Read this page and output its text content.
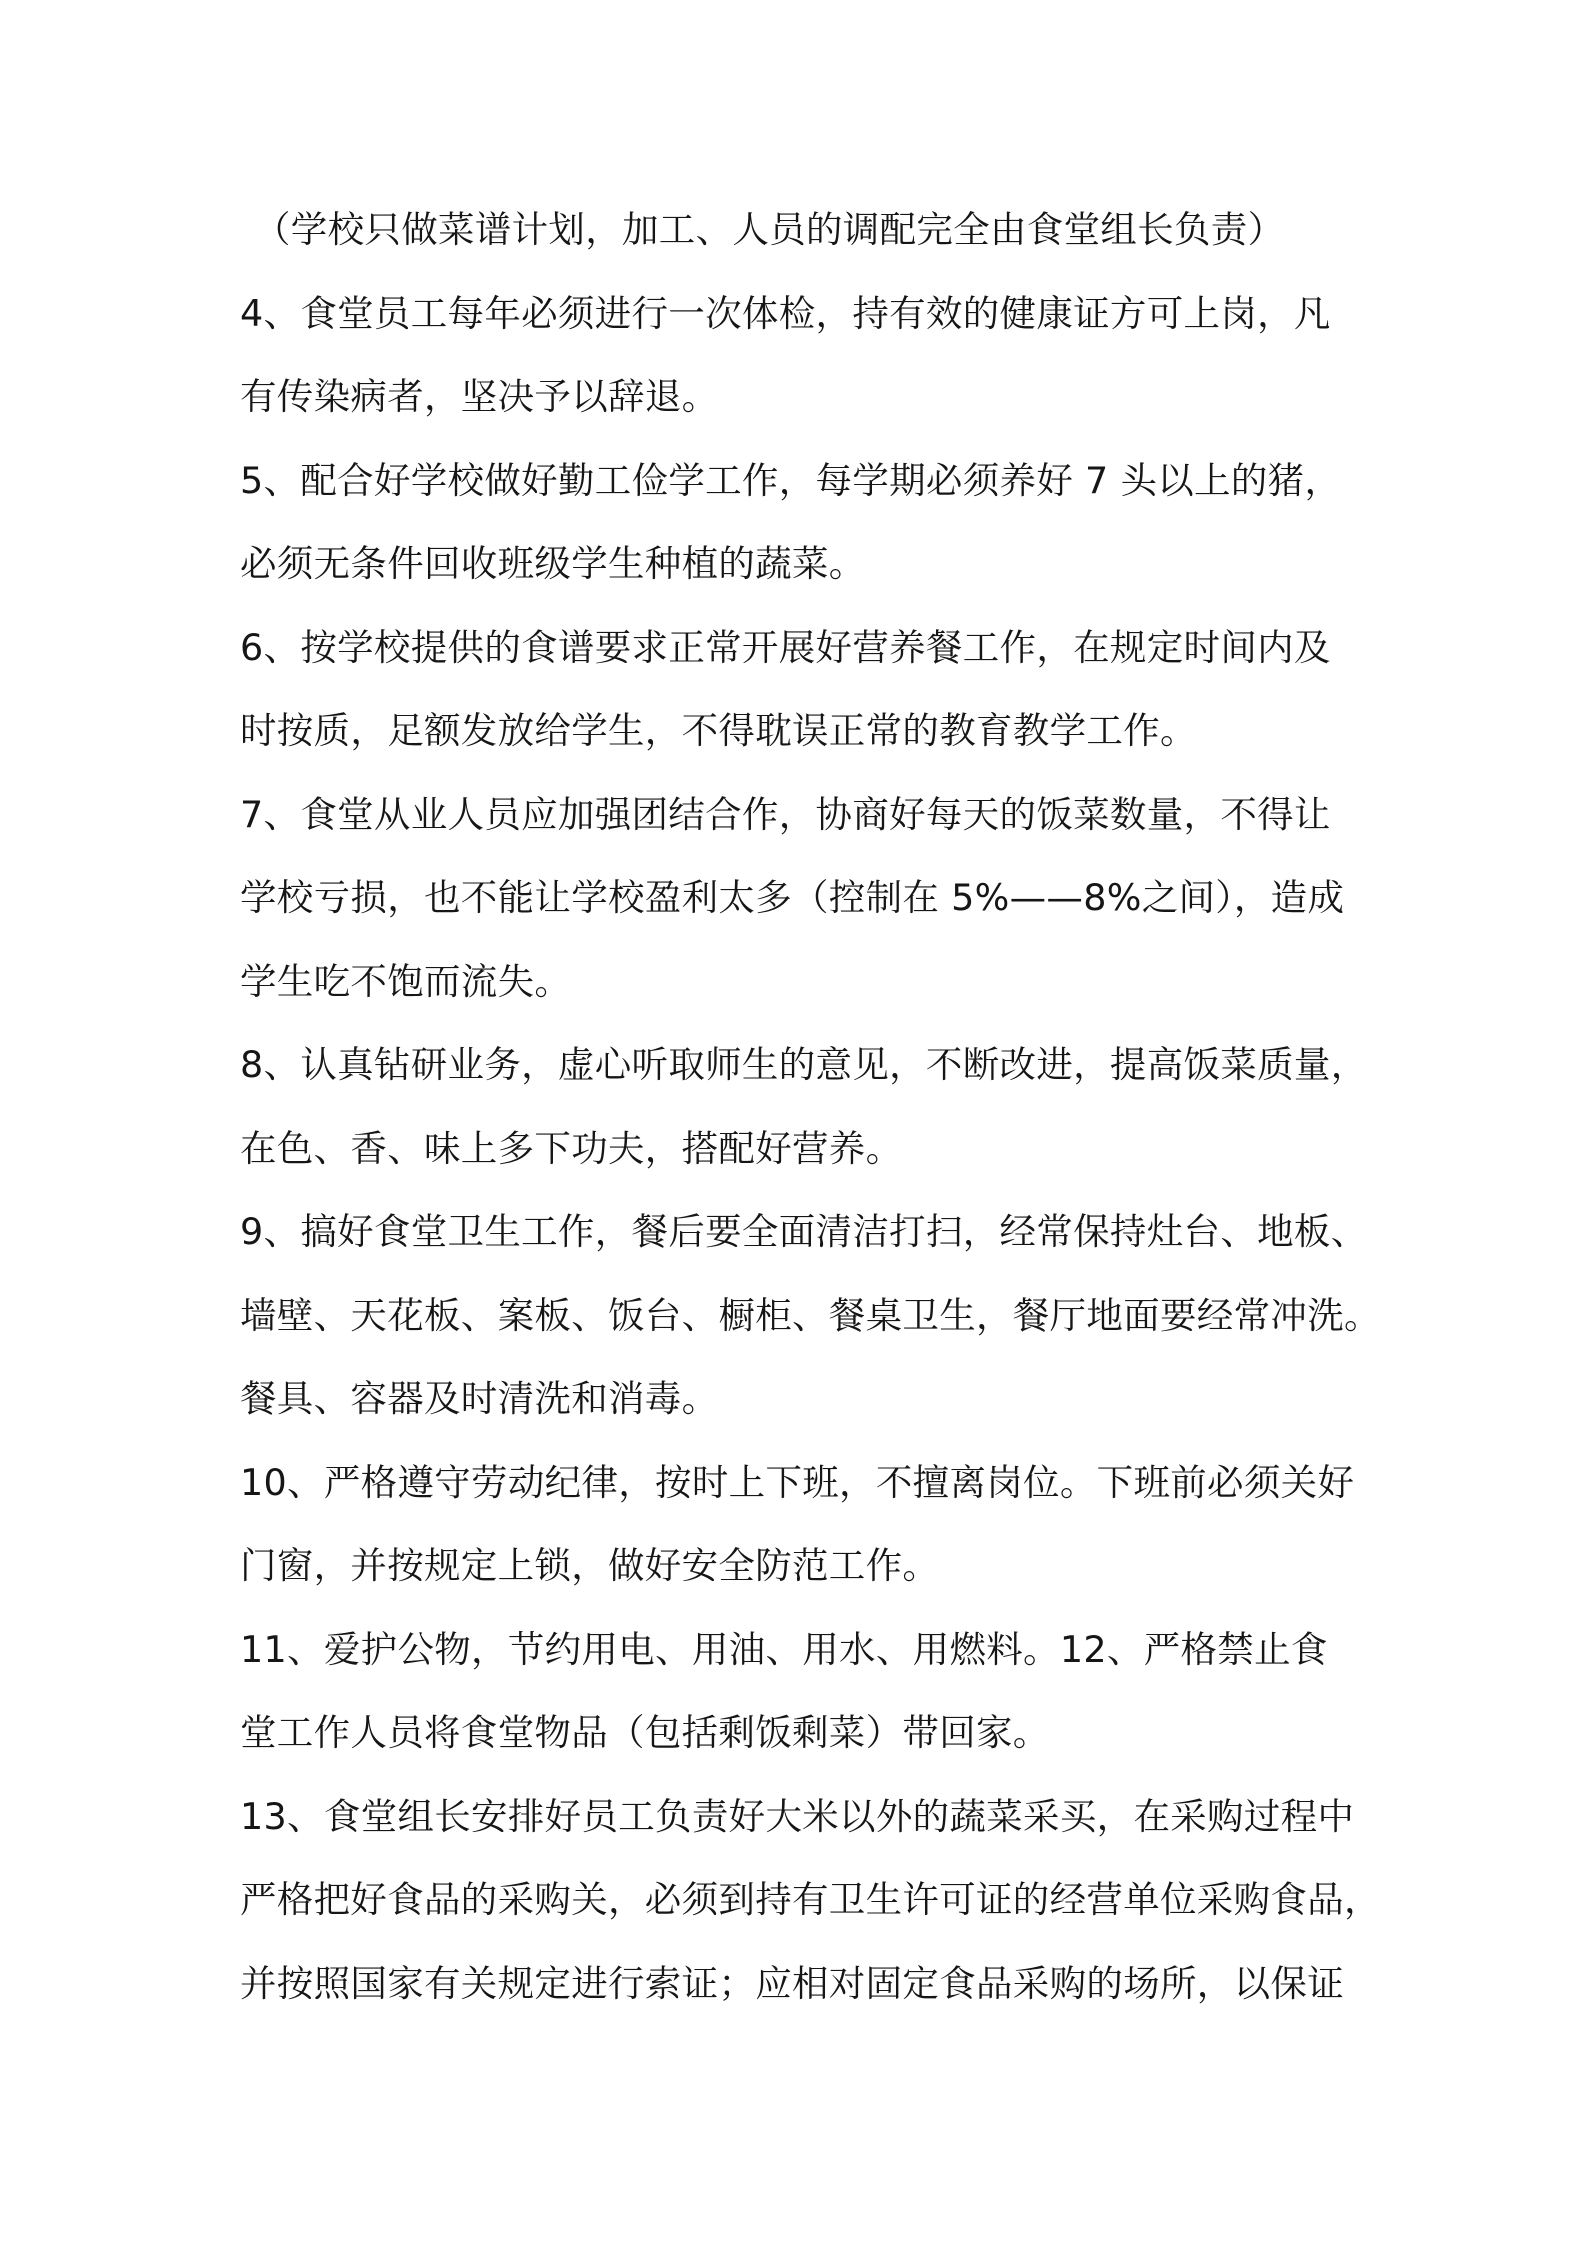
（学校只做菜谱计划，加工、人员的调配完全由食堂组长负责）
4、食堂员工每年必须进行一次体检，持有效的健康证方可上岗，凡
有传染病者，坚决予以辞退。
5、配合好学校做好勤工俭学工作，每学期必须养好 7 头以上的猪，
必须无条件回收班级学生种植的蔬菜。
6、按学校提供的食谱要求正常开展好营养餐工作，在规定时间内及
时按质，足额发放给学生，不得耽误正常的教育教学工作。
7、食堂从业人员应加强团结合作，协商好每天的饭菜数量，不得让
学校亏损，也不能让学校盈利太多（控制在 5%——8%之间），造成
学生吃不饱而流失。
8、认真钻研业务，虚心听取师生的意见，不断改进，提高饭菜质量，
在色、香、味上多下功夫，搭配好营养。
9、搞好食堂卫生工作，餐后要全面清洁打扫，经常保持灶台、地板、
墙壁、天花板、案板、饭台、橱柜、餐桌卫生，餐厅地面要经常冲洗。
餐具、容器及时清洗和消毒。
10、严格遵守劳动纪律，按时上下班，不擅离岗位。下班前必须关好
门窗，并按规定上锁，做好安全防范工作。
11、爱护公物，节约用电、用油、用水、用燃料。12、严格禁止食
堂工作人员将食堂物品（包括剩饭剩菜）带回家。
13、食堂组长安排好员工负责好大米以外的蔬菜采买，在采购过程中
严格把好食品的采购关，必须到持有卫生许可证的经营单位采购食品，
并按照国家有关规定进行索证；应相对固定食品采购的场所，以保证
